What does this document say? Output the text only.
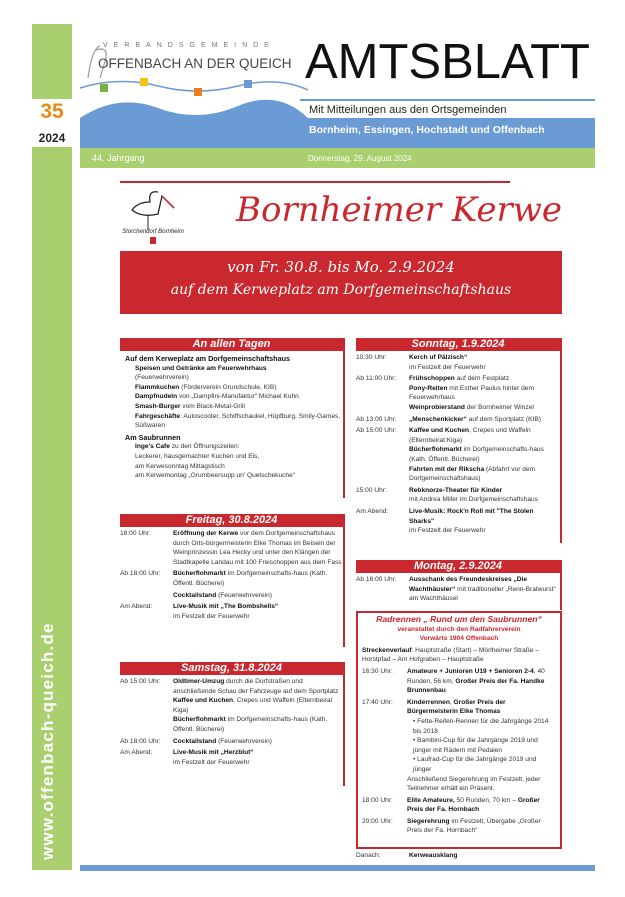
35
2024
www.offenbach-queich.de
VERBANDSGEMEINDE
OFFENBACH AN DER QUEICH AMTSBLATT
Mit Mitteilungen aus den Ortsgemeinden
Bornheim, Essingen, Hochstadt und Offenbach
44. Jahrgang	Donnerstag, 29. August 2024
Storchendorf Bornheim
Bornheimer Kerwe
von Fr. 30.8. bis Mo. 2.9.2024
auf dem Kerweplatz am Dorfgemeinschaftshaus
An allen Tagen
Auf dem Kerweplatz am Dorfgemeinschaftshaus
Speisen und Getränke am Feuerwehrhaus
(Feuerwehrverein)
Flammkuchen (Förderverein Grundschule, KIB)
Dampfnudeln von „Dampfini-Manufaktur“ Michael Kuhn
Smash-Burger vom Black-Metal-Grill
Fahrgeschäfte: Autoscooter, Schiffschaukel, Hüpfburg, Smily-Games, Süßwaren
Am Saubrunnen
Inge's Cafe zu den Öffnungszeiten:
Leckerer, hausgemachter Kuchen und Eis,
am Kerwesonntag Mittagstisch
am Kerwemontag „Grumbeersupp un' Quetschekuche“
Freitag, 30.8.2024
18:00 Uhr:	Eröffnung der Kerwe vor dem Dorfgemeinschaftshaus durch Orts-bürgermeisterin Elke Thomas im Beisein der Weinprinzessin Lea Hecky und unter den Klängen der Stadtkapelle Landau mit 100 Freischoppen aus dem Fass
Ab 18:00 Uhr:	Bücherflohmarkt im Dorfgemeinschafts-haus (Kath. Öffentl. Bücherei)
Cocktailstand (Feuerwehrverein)
Am Abend:	Live-Musik mit „The Bombshells“
im Festzelt der Feuerwehr
Samstag, 31.8.2024
Ab 15:00 Uhr:	Oldtimer-Umzug durch die Dorfstraßen und anschließende Schau der Fahrzeuge auf dem Sportplatz
Kaffee und Kuchen, Crepes und Waffeln (Elternbeirat Kiga)
Bücherflohmarkt im Dorfgemeinschafts-haus (Kath. Öffentl. Bücherei)
Ab 18:00 Uhr:	Cocktailstand (Feuerwehrverein)
Am Abend:	Live-Musik mit „Herzblut“
im Festzelt der Feuerwehr
Sonntag, 1.9.2024
10:30 Uhr:	Kerch uf Pälzisch“
im Festzelt der Feuerwehr
Ab 11:00 Uhr:	Frühschoppen auf dem Festplatz
Pony-Reiten mit Esther Paulus hinter dem Feuerwehrhaus
Weinprobierstand der Bornheimer Winzer
Ab 13:00 Uhr:	„Menschenkicker“ auf dem Sportplatz (KIB)
Ab 15:00 Uhr:	Kaffee und Kuchen, Crepes und Waffeln (Elternbeirat Kiga)
Bücherflohmarkt im Dorfgemeinschafts-haus (Kath. Öffentl. Bücherei)
Fahrten mit der Rikscha (Abfahrt vor dem Dorfgemeinschaftshaus)
15:00 Uhr:	Rebknorze-Theater für Kinder
mit Andrea Miller im Dorfgemeinschaftshaus
Am Abend:	Live-Musik: Rock'n Roll mit "The Stolen Sharks"
im Festzelt der Feuerwehr
Montag, 2.9.2024
Ab 16:00 Uhr:	Ausschank des Freundeskreises „Die Wachthäusler“ mit traditioneller „Renn-Bratwurst“ am Wachthäusel
Radrennen „ Rund um den Saubrunnen“
veranstaltet durch den Radfahrerverein
Vorwärts 1904 Offenbach
Streckenverlauf: Hauptstraße (Start) – Mörlheimer Straße – Horstpfad – Am Hofgraben – Hauptstraße
16:30 Uhr:	Amateure + Junioren U19 + Senioren 2-4, 40 Runden, 56 km, Großer Preis der Fa. Handke Brunnenbau
17:40 Uhr:	Kinderrennen, Großer Preis der Bürgermeisterin Elke Thomas
• Fette-Reifen-Rennen für die Jahrgänge 2014 bis 2018
• Bambini-Cup für die Jahrgänge 2019 und jünger mit Rädern mit Pedalen
• Laufrad-Cup für die Jahrgänge 2019 und jünger
Anschließend Siegerehrung im Festzelt, jeder Teilnehmer erhält ein Präsent.
18:00 Uhr:	Elite Amateure, 50 Runden, 70 km – Großer Preis der Fa. Hornbach
20:00 Uhr:	Siegerehrung im Festzelt, Übergabe „Großer Preis der Fa. Hornbach“
Danach:	Kerweausklang
